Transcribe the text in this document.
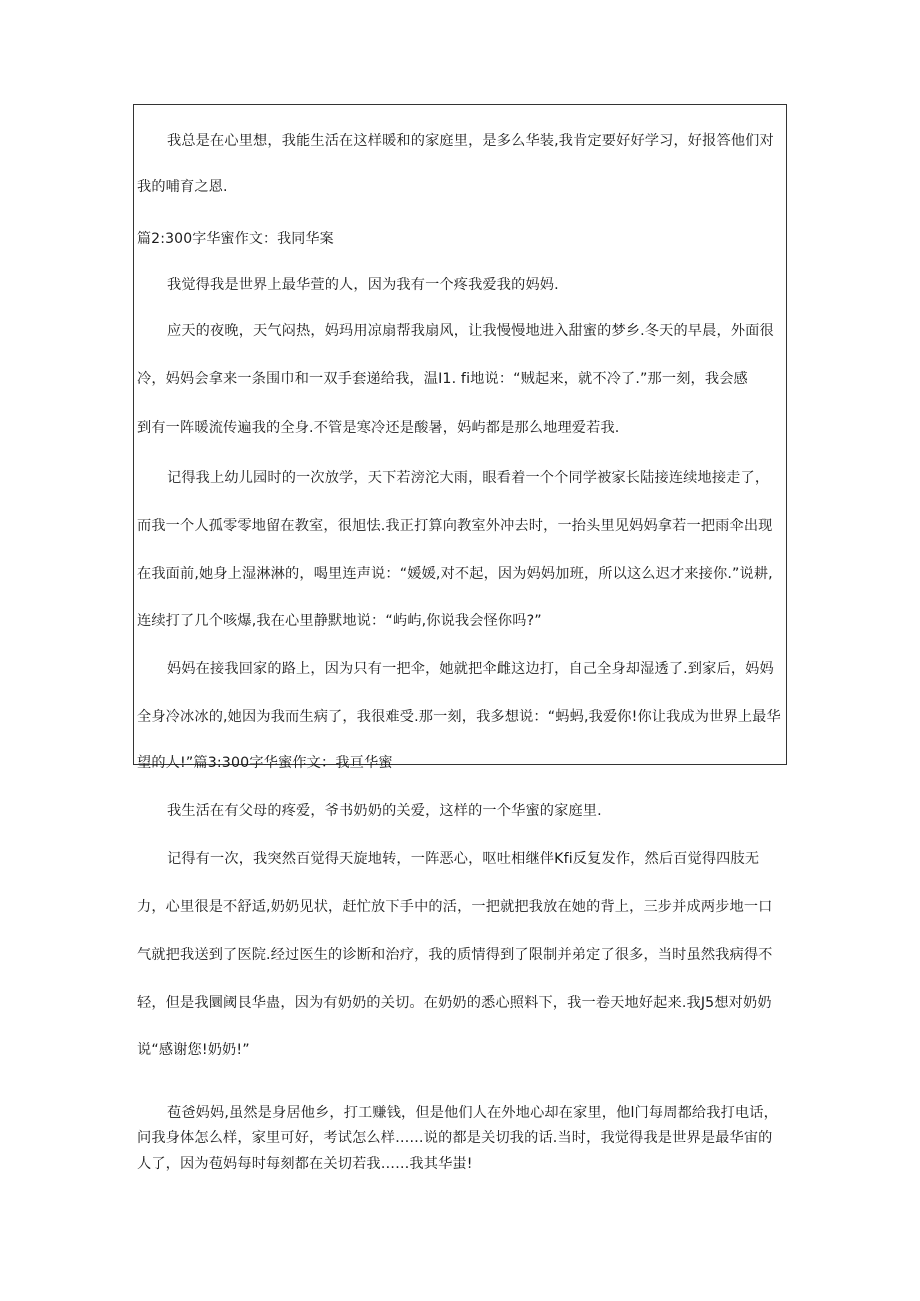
我总是在心里想，我能生活在这样暖和的家庭里，是多么华装,我肯定要好好学习，好报答他们对
我的哺育之恩.
篇2:300字华蜜作文：我同华案
我觉得我是世界上最华萱的人，因为我有一个疼我爱我的妈妈.
应天的夜晚，天气闷热，妈玛用凉扇帮我扇风，让我慢慢地进入甜蜜的梦乡.冬天的早晨，外面很
冷，妈妈会拿来一条围巾和一双手套递给我，温I1. fi地说：“贼起来，就不冷了.”那一刻，我会感
到有一阵暖流传遍我的全身.不管是寒冷还是酸暑，妈屿都是那么地理爱若我.
记得我上幼儿园时的一次放学，天下若滂沱大雨，眼看着一个个同学被家长陆接连续地接走了，
而我一个人孤零零地留在教室，很旭怯.我正打算向教室外冲去时，一抬头里见妈妈拿若一把雨伞出现
在我面前,她身上湿淋淋的，喝里连声说：“媛媛,对不起，因为妈妈加班，所以这么迟才来接你.”说耕,
连续打了几个咳爆,我在心里静默地说：“屿屿,你说我会怪你吗?”
妈妈在接我回家的路上，因为只有一把伞，她就把伞雌这边打，自己全身却湿透了.到家后，妈妈
全身冷冰冰的,她因为我而生病了，我很难受.那一刻，我多想说：“蚂蚂,我爱你!你让我成为世界上最华
望的人!”篇3:300字华蜜作文：我亘华蜜
我生活在有父母的疼爱，爷书奶奶的关爱，这样的一个华蜜的家庭里.
记得有一次，我突然百觉得天旋地转，一阵恶心，呕吐相继伴Kfi反复发作，然后百觉得四肢无
力，心里很是不舒适,奶奶见状，赶忙放下手中的活，一把就把我放在她的背上，三步并成两步地一口
气就把我送到了医院.经过医生的诊断和治疗，我的质情得到了限制并弟定了很多，当时虽然我病得不
轻，但是我圜阈艮华蛊，因为有奶奶的关切。在奶奶的悉心照料下，我一卷天地好起来.我J5想对奶奶
说“感谢您!奶奶!”
苞爸妈妈,虽然是身居他乡，打工赚钱，但是他们人在外地心却在家里，他l门每周都给我打电话，
问我身体怎么样，家里可好，考试怎么样……说的都是关切我的话.当时，我觉得我是世界是最华宙的
人了，因为苞妈每时每刻都在关切若我……我其华蚩!
